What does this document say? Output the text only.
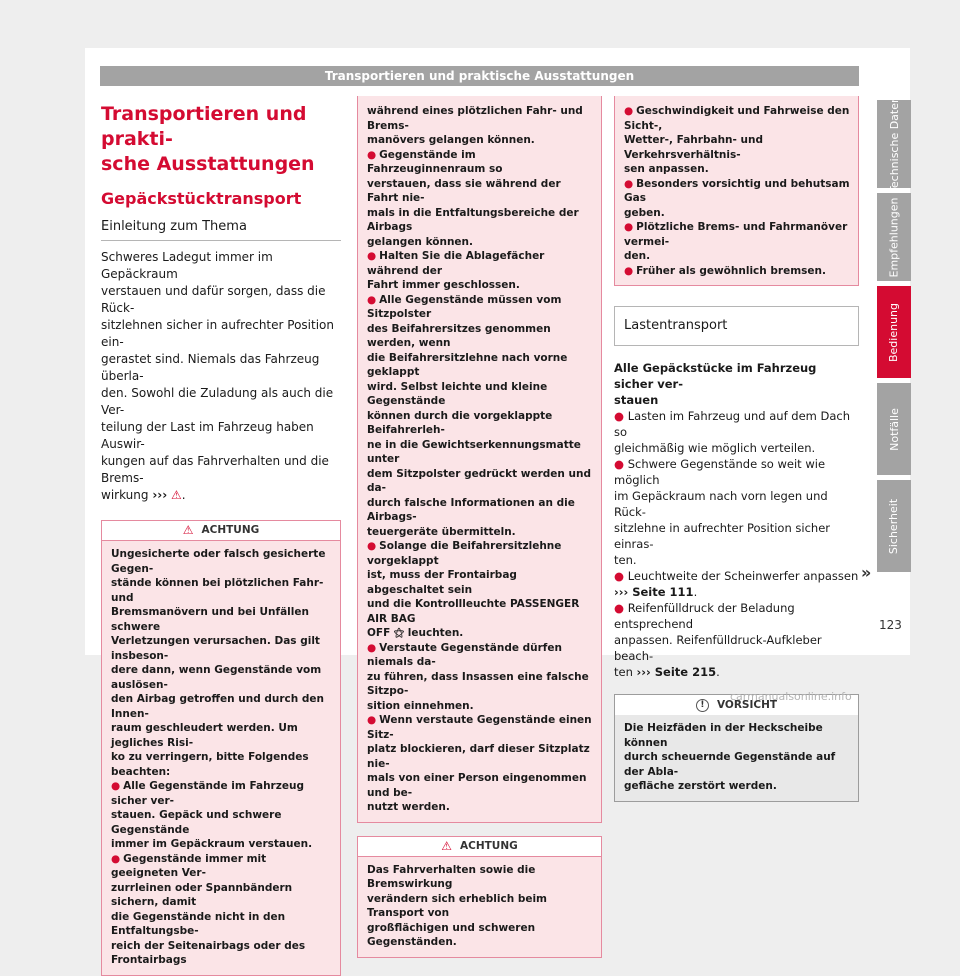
Transportieren und praktische Ausstattungen
Transportieren und prakti-
sche Ausstattungen
Gepäckstücktransport
Einleitung zum Thema
Schweres Ladegut immer im Gepäckraum
verstauen und dafür sorgen, dass die Rück-
sitzlehnen sicher in aufrechter Position ein-
gerastet sind. Niemals das Fahrzeug überla-
den. Sowohl die Zuladung als auch die Ver-
teilung der Last im Fahrzeug haben Auswir-
kungen auf das Fahrverhalten und die Brems-
wirkung ››› ⚠.
⚠ ACHTUNG
Ungesicherte oder falsch gesicherte Gegen-
stände können bei plötzlichen Fahr- und
Bremsmanövern und bei Unfällen schwere
Verletzungen verursachen. Das gilt insbeson-
dere dann, wenn Gegenstände vom auslösen-
den Airbag getroffen und durch den Innen-
raum geschleudert werden. Um jegliches Risi-
ko zu verringern, bitte Folgendes beachten:
● Alle Gegenstände im Fahrzeug sicher ver-
stauen. Gepäck und schwere Gegenstände
immer im Gepäckraum verstauen.
● Gegenstände immer mit geeigneten Ver-
zurrleinen oder Spannbändern sichern, damit
die Gegenstände nicht in den Entfaltungsbe-
reich der Seitenairbags oder des Frontairbags
während eines plötzlichen Fahr- und Brems-
manövers gelangen können.
● Gegenstände im Fahrzeuginnenraum so
verstauen, dass sie während der Fahrt nie-
mals in die Entfaltungsbereiche der Airbags
gelangen können.
● Halten Sie die Ablagefächer während der
Fahrt immer geschlossen.
● Alle Gegenstände müssen vom Sitzpolster
des Beifahrersitzes genommen werden, wenn
die Beifahrersitzlehne nach vorne geklappt
wird. Selbst leichte und kleine Gegenstände
können durch die vorgeklappte Beifahrerleh-
ne in die Gewichtserkennungsmatte unter
dem Sitzpolster gedrückt werden und da-
durch falsche Informationen an die Airbags-
teuergeräte übermitteln.
● Solange die Beifahrersitzlehne vorgeklappt
ist, muss der Frontairbag abgeschaltet sein
und die Kontrollleuchte PASSENGER AIR BAG
OFF ⚝ leuchten.
● Verstaute Gegenstände dürfen niemals da-
zu führen, dass Insassen eine falsche Sitzpo-
sition einnehmen.
● Wenn verstaute Gegenstände einen Sitz-
platz blockieren, darf dieser Sitzplatz nie-
mals von einer Person eingenommen und be-
nutzt werden.
⚠ ACHTUNG
Das Fahrverhalten sowie die Bremswirkung
verändern sich erheblich beim Transport von
großflächigen und schweren Gegenständen.
● Geschwindigkeit und Fahrweise den Sicht-,
Wetter-, Fahrbahn- und Verkehrsverhältnis-
sen anpassen.
● Besonders vorsichtig und behutsam Gas
geben.
● Plötzliche Brems- und Fahrmanöver vermei-
den.
● Früher als gewöhnlich bremsen.
Lastentransport
Alle Gepäckstücke im Fahrzeug sicher ver-
stauen
● Lasten im Fahrzeug und auf dem Dach so
gleichmäßig wie möglich verteilen.
● Schwere Gegenstände so weit wie möglich
im Gepäckraum nach vorn legen und Rück-
sitzlehne in aufrechter Position sicher einras-
ten.
● Leuchtweite der Scheinwerfer anpassen
››› Seite 111.
● Reifenfülldruck der Beladung entsprechend
anpassen. Reifenfülldruck-Aufkleber beach-
ten ››› Seite 215.
!	VORSICHT
Die Heizfäden in der Heckscheibe können
durch scheuernde Gegenstände auf der Abla-
gefläche zerstört werden.
»
Technische Daten
Empfehlungen
Bedienung
Notfälle
Sicherheit
123
carmanualsonline.info
